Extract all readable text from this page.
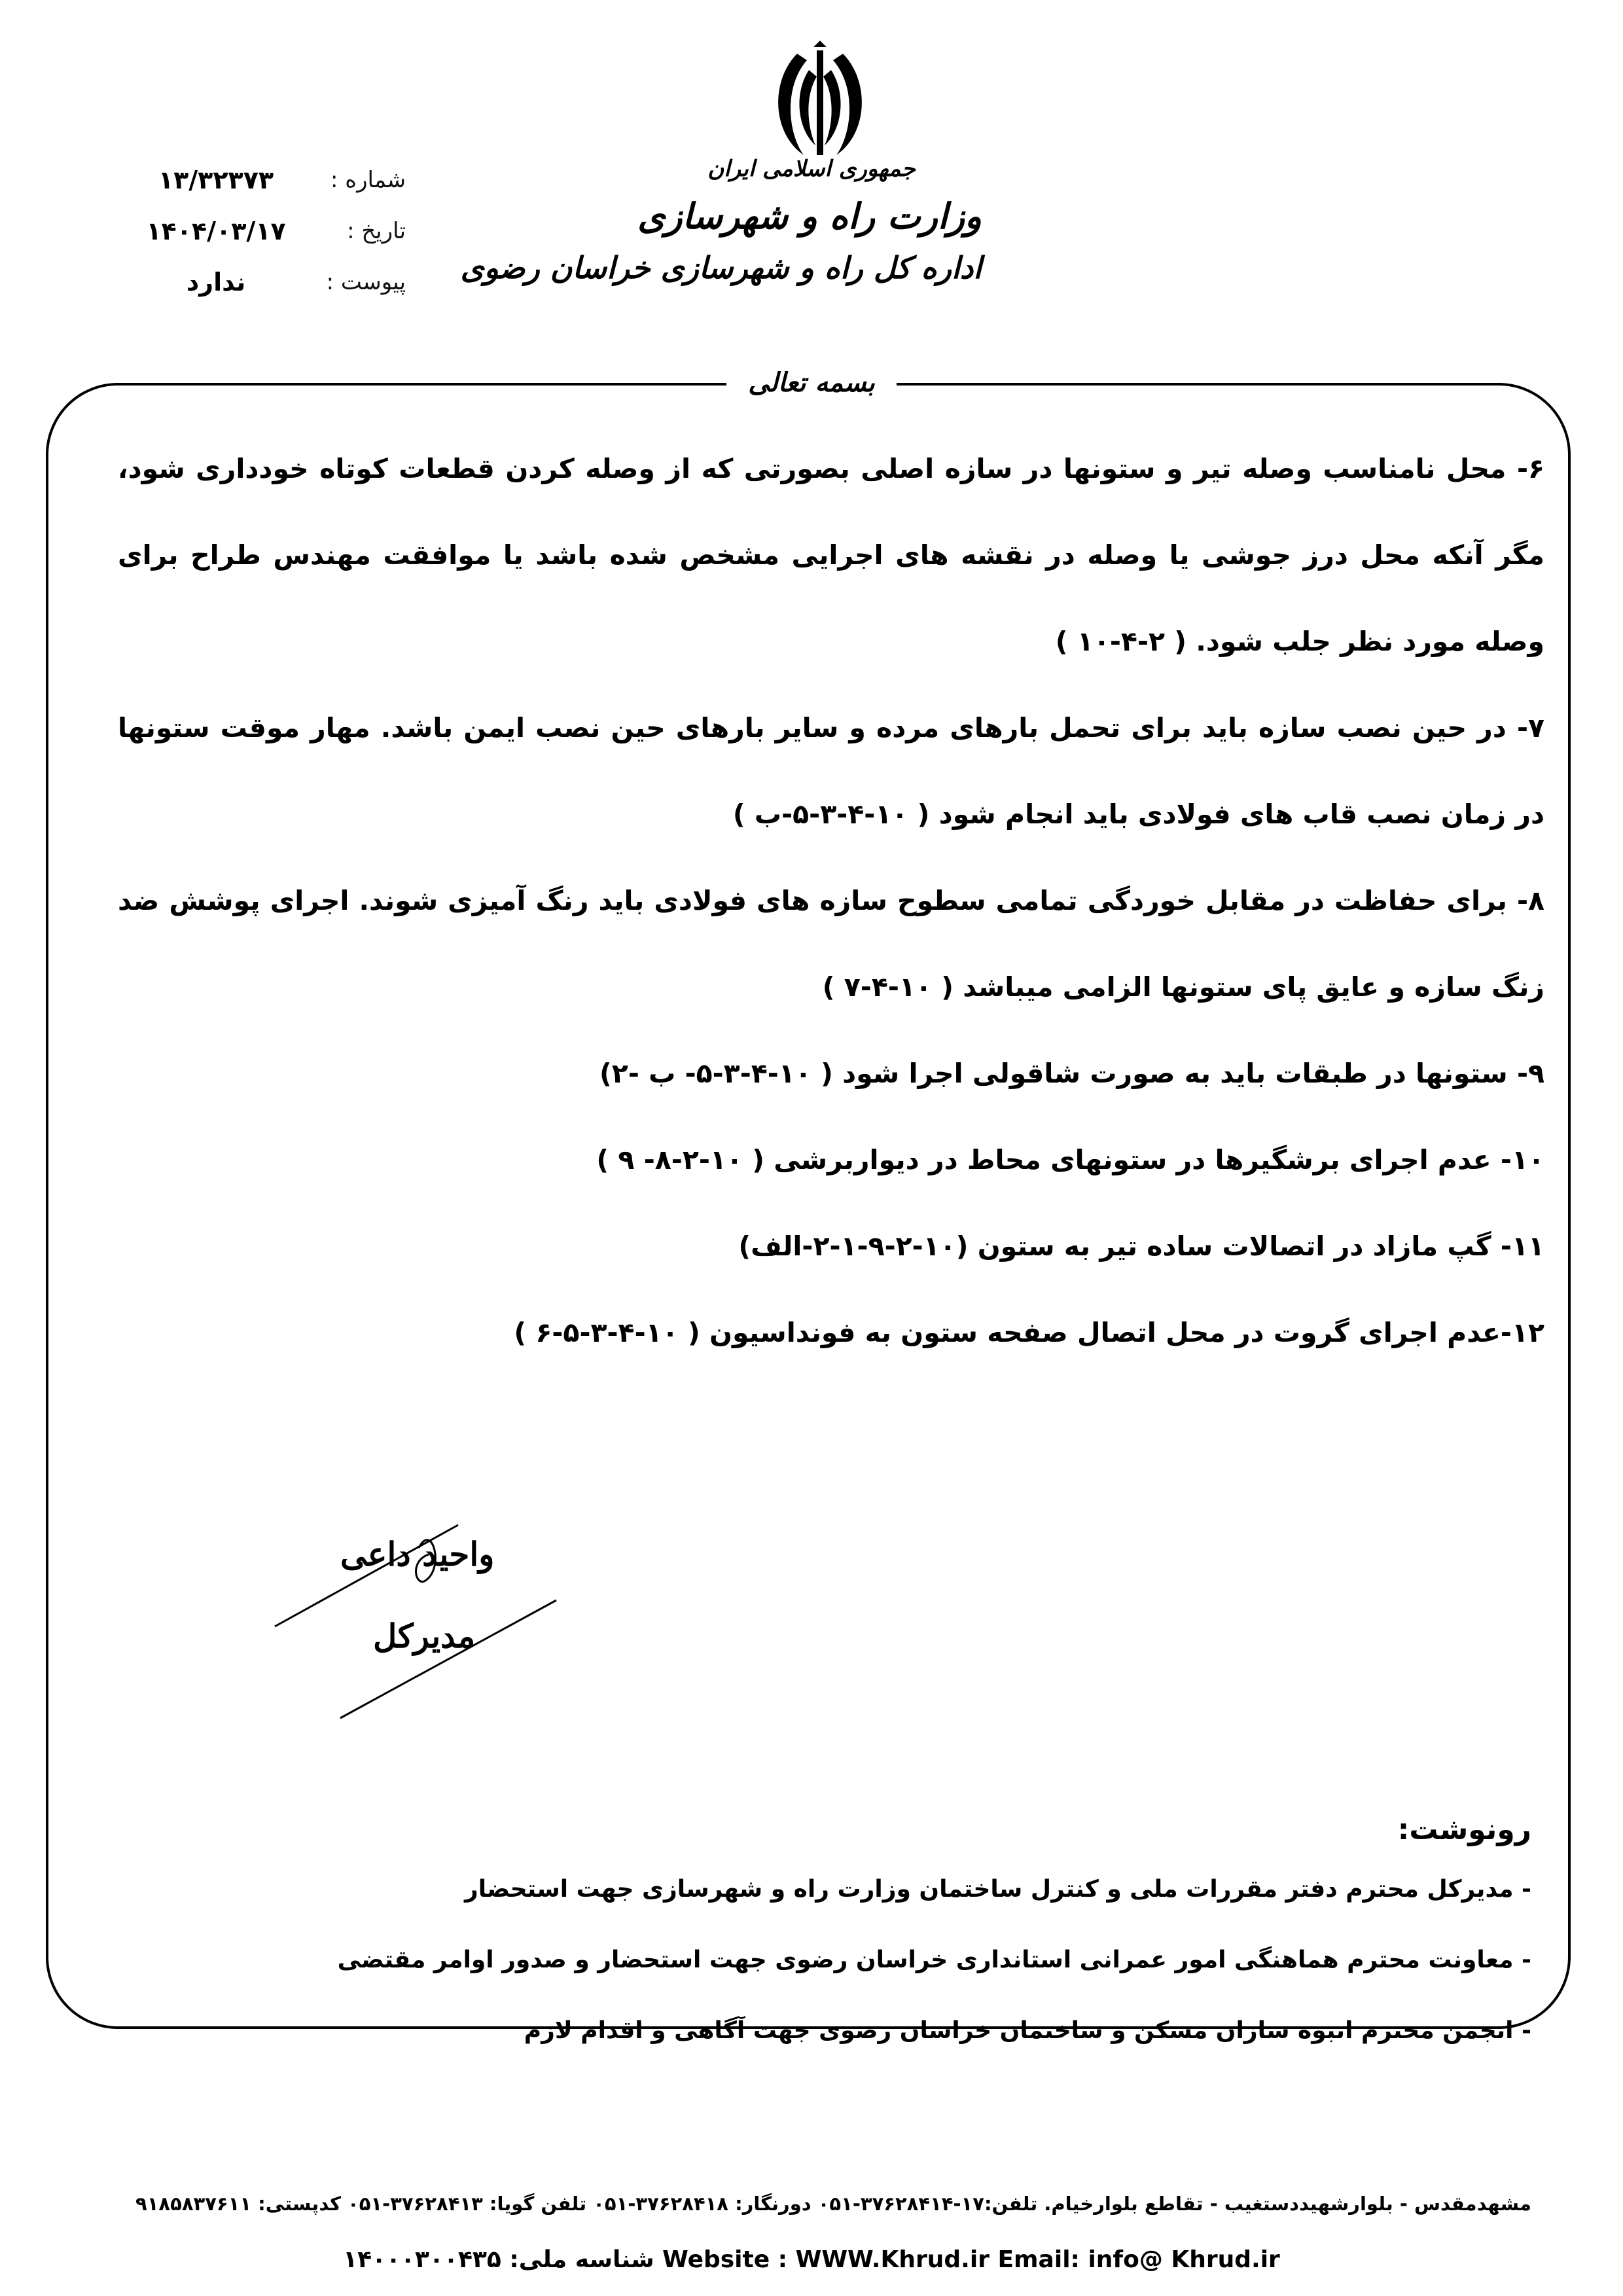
جمهوری اسلامی ایران
وزارت راه و شهرسازی
اداره کل راه و شهرسازی خراسان رضوی
شماره :
۱۳/۳۲۳۷۳
تاریخ :
۱۴۰۴/۰۳/۱۷
پیوست :
ندارد
بسمه تعالی
۶- محل نامناسب وصله تیر و ستونها در سازه اصلی بصورتی که از وصله کردن قطعات کوتاه خودداری شود، مگر آنکه محل درز جوشی یا وصله در نقشه های اجرایی مشخص شده باشد یا موافقت مهندس طراح برای وصله مورد نظر جلب شود. ( ۲-۴-۱۰ )
۷- در حین نصب سازه باید برای تحمل بارهای مرده و سایر بارهای حین نصب ایمن باشد. مهار موقت ستونها در زمان نصب قاب های فولادی باید انجام شود ( ۱۰-۴-۳-۵-ب )
۸- برای حفاظت در مقابل خوردگی تمامی سطوح سازه های فولادی باید رنگ آمیزی شوند. اجرای پوشش ضد زنگ سازه و عایق پای ستونها الزامی میباشد ( ۱۰-۴-۷ )
۹- ستونها در طبقات باید به صورت شاقولی اجرا شود ( ۱۰-۴-۳-۵- ب -۲)
۱۰- عدم اجرای برشگیرها در ستونهای محاط در دیواربرشی ( ۱۰-۲-۸- ۹ )
۱۱- گپ مازاد در اتصالات ساده تیر به ستون (۱۰-۲-۹-۱-۲-الف)
۱۲-عدم اجرای گروت در محل اتصال صفحه ستون به فونداسیون ( ۱۰-۴-۳-۵-۶ )
واحید داعی
مدیرکل
رونوشت:
- مدیرکل محترم دفتر مقررات ملی و کنترل ساختمان وزارت راه و شهرسازی جهت استحضار
- معاونت محترم هماهنگی امور عمرانی استانداری خراسان رضوی جهت استحضار و صدور اوامر مقتضی
- انجمن محترم انبوه سازان مسکن و ساختمان خراسان رضوی جهت آگاهی و اقدام لازم
مشهدمقدس - بلوارشهیددستغیب - تقاطع بلوارخیام. تلفن:۱۷-۳۷۶۲۸۴۱۴-۰۵۱ دورنگار: ۳۷۶۲۸۴۱۸-۰۵۱ تلفن گویا: ۳۷۶۲۸۴۱۳-۰۵۱ کدپستی: ۹۱۸۵۸۳۷۶۱۱
Website : WWW.Khrud.ir Email: info@ Khrud.ir شناسه ملی: ۱۴۰۰۰۳۰۰۴۳۵
